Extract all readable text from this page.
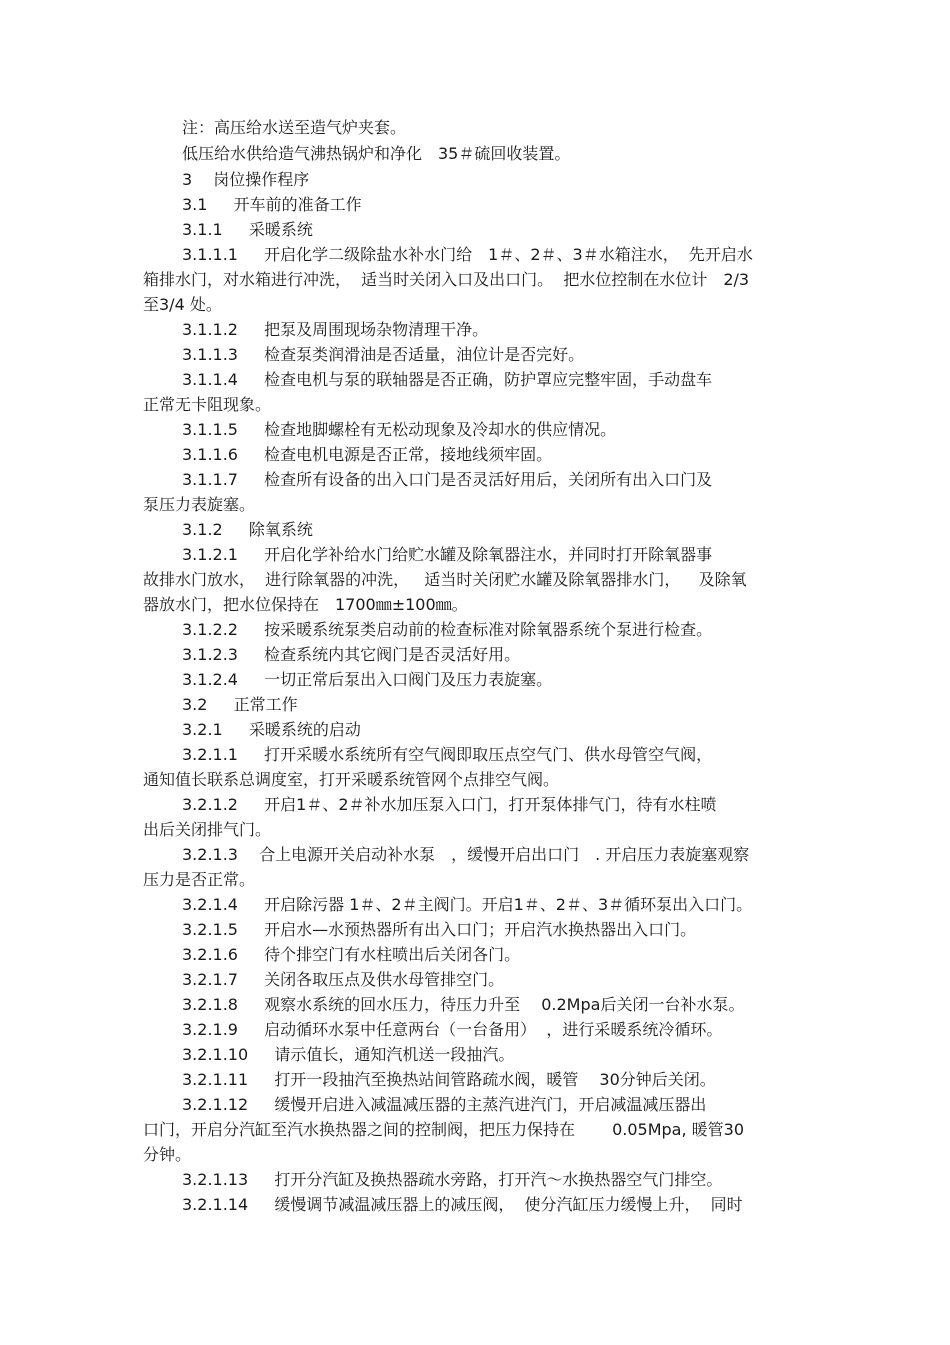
注：高压给水送至造气炉夹套。
低压给水供给造气沸热锅炉和净化　35＃硫回收装置。
3　 岗位操作程序
3.1　  开车前的准备工作
3.1.1　  采暖系统
3.1.1.1　  开启化学二级除盐水补水门给　1＃、2＃、3＃水箱注水，  先开启水
箱排水门，对水箱进行冲洗，  适当时关闭入口及出口门。  把水位控制在水位计　2/3
至3/4 处。
3.1.1.2　  把泵及周围现场杂物清理干净。
3.1.1.3　  检查泵类润滑油是否适量，油位计是否完好。
3.1.1.4　  检查电机与泵的联轴器是否正确，防护罩应完整牢固，手动盘车
正常无卡阻现象。
3.1.1.5　  检查地脚螺栓有无松动现象及冷却水的供应情况。
3.1.1.6　  检查电机电源是否正常，接地线须牢固。
3.1.1.7　  检查所有设备的出入口门是否灵活好用后，关闭所有出入口门及
泵压力表旋塞。
3.1.2　  除氧系统
3.1.2.1　  开启化学补给水门给贮水罐及除氧器注水，并同时打开除氧器事
故排水门放水，  进行除氧器的冲洗，   适当时关闭贮水罐及除氧器排水门，　  及除氧
器放水门，把水位保持在　1700㎜±100㎜。
3.1.2.2　  按采暖系统泵类启动前的检查标准对除氧器系统个泵进行检查。
3.1.2.3　  检查系统内其它阀门是否灵活好用。
3.1.2.4　  一切正常后泵出入口阀门及压力表旋塞。
3.2　  正常工作
3.2.1　  采暖系统的启动
3.2.1.1　  打开采暖水系统所有空气阀即取压点空气门、供水母管空气阀，
通知值长联系总调度室，打开采暖系统管网个点排空气阀。
3.2.1.2　  开启1＃、2＃补水加压泵入口门，打开泵体排气门，待有水柱喷
出后关闭排气门。
3.2.1.3　 合上电源开关启动补水泵　，缓慢开启出口门　. 开启压力表旋塞观察
压力是否正常。
3.2.1.4　  开启除污器 1＃、2＃主阀门。开启1＃、2＃、3＃循环泵出入口门。
3.2.1.5　  开启水—水预热器所有出入口门；开启汽水换热器出入口门。
3.2.1.6　  待个排空门有水柱喷出后关闭各门。
3.2.1.7　  关闭各取压点及供水母管排空门。
3.2.1.8　  观察水系统的回水压力，待压力升至　 0.2Mpa后关闭一台补水泵。
3.2.1.9　  启动循环水泵中任意两台（一台备用）  ，进行采暖系统冷循环。
3.2.1.10　  请示值长，通知汽机送一段抽汽。
3.2.1.11　  打开一段抽汽至换热站间管路疏水阀，暖管　 30分钟后关闭。
3.2.1.12　  缓慢开启进入减温减压器的主蒸汽进汽门，开启减温减压器出
口门，开启分汽缸至汽水换热器之间的控制阀，把压力保持在　　 0.05Mpa, 暖管30
分钟。
3.2.1.13　  打开分汽缸及换热器疏水旁路，打开汽～水换热器空气门排空。
3.2.1.14　  缓慢调节减温减压器上的减压阀，  使分汽缸压力缓慢上升，  同时
